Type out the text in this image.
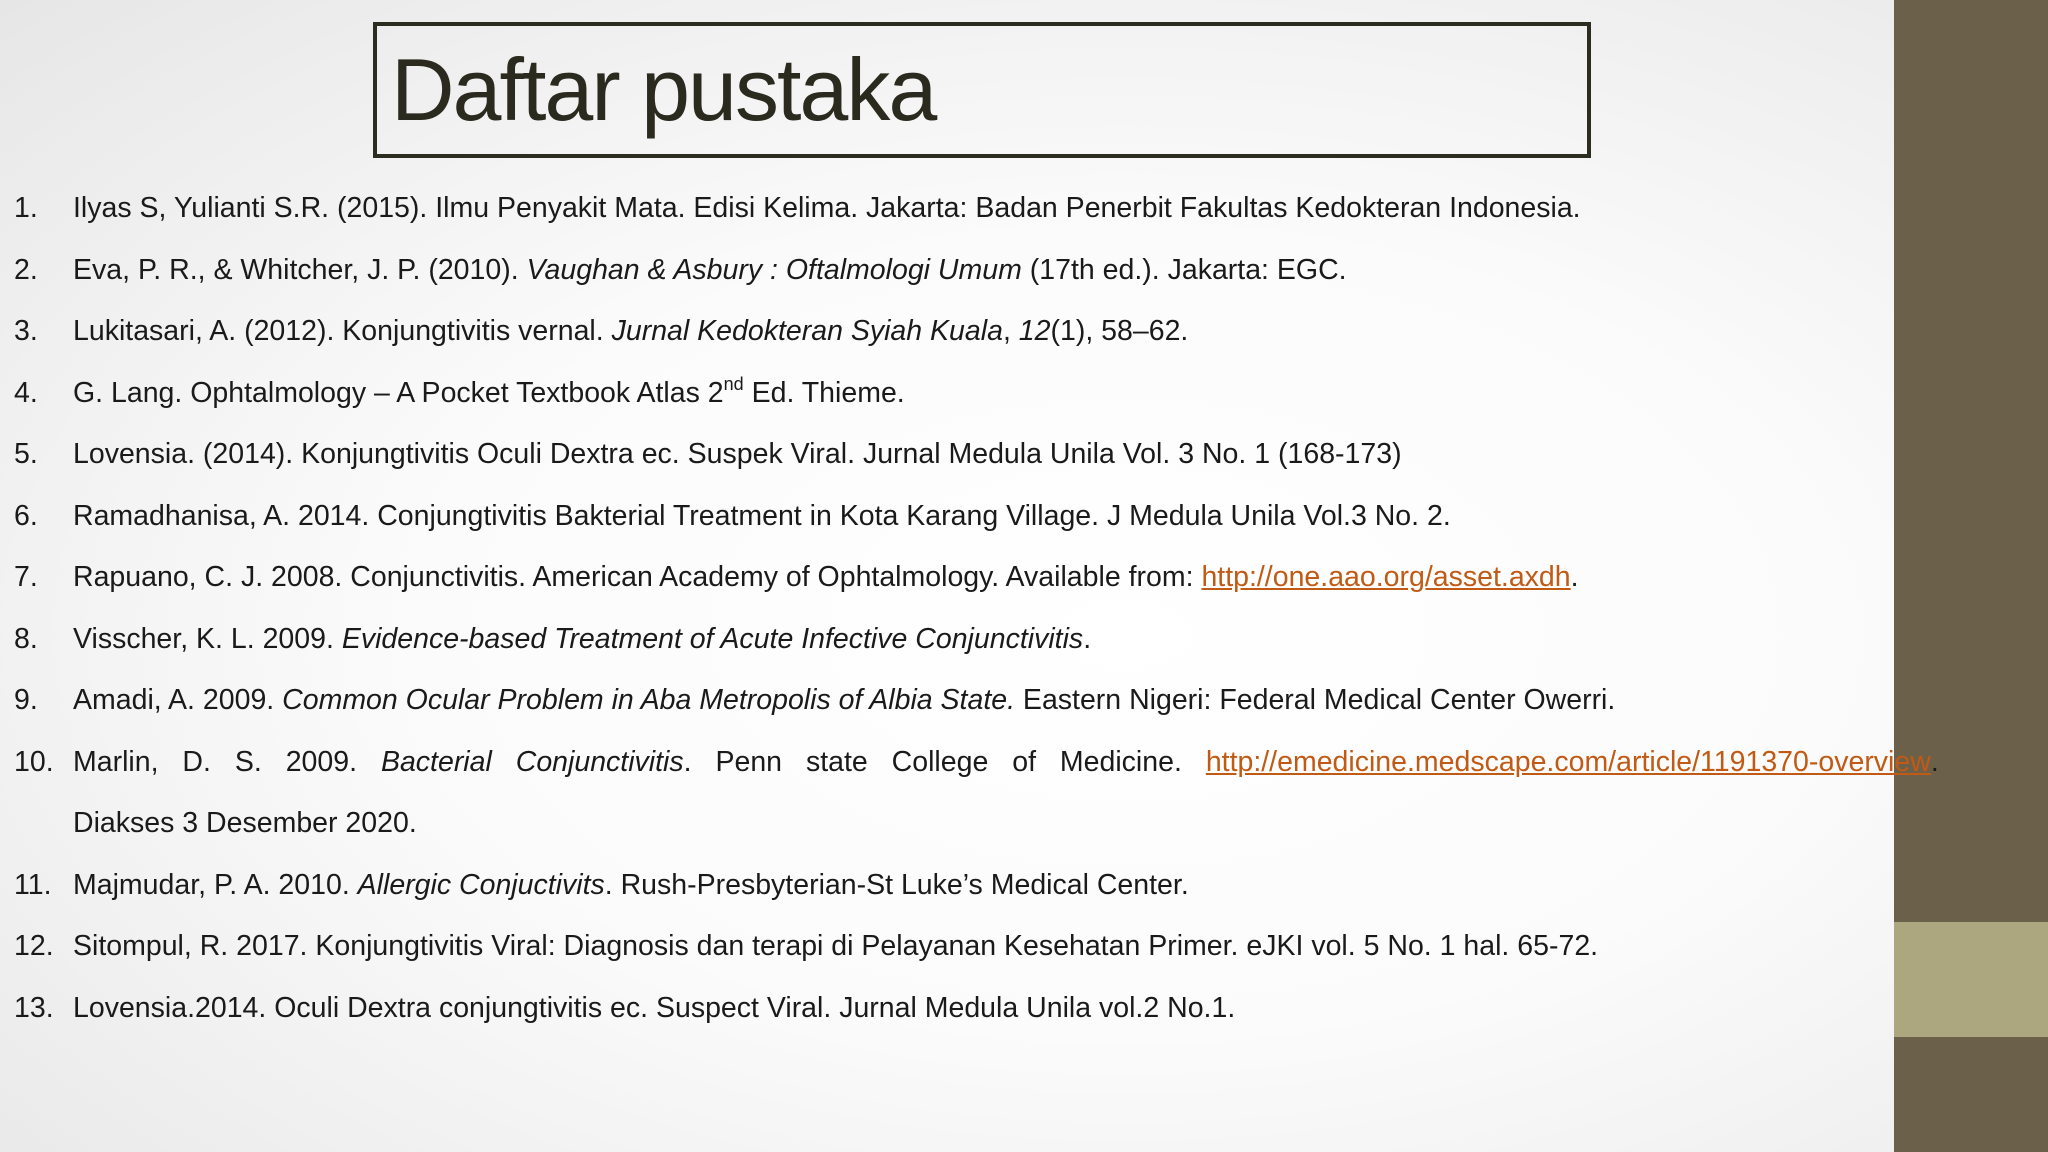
Daftar pustaka
1. Ilyas S, Yulianti S.R. (2015). Ilmu Penyakit Mata. Edisi Kelima. Jakarta: Badan Penerbit Fakultas Kedokteran Indonesia.
2. Eva, P. R., & Whitcher, J. P. (2010). Vaughan & Asbury : Oftalmologi Umum (17th ed.). Jakarta: EGC.
3. Lukitasari, A. (2012). Konjungtivitis vernal. Jurnal Kedokteran Syiah Kuala, 12(1), 58–62.
4. G. Lang. Ophtalmology – A Pocket Textbook Atlas 2nd Ed. Thieme.
5. Lovensia. (2014). Konjungtivitis Oculi Dextra ec. Suspek Viral. Jurnal Medula Unila Vol. 3 No. 1 (168-173)
6. Ramadhanisa, A. 2014. Conjungtivitis Bakterial Treatment in Kota Karang Village. J Medula Unila Vol.3 No. 2.
7. Rapuano, C. J. 2008. Conjunctivitis. American Academy of Ophtalmology. Available from: http://one.aao.org/asset.axdh.
8. Visscher, K. L. 2009. Evidence-based Treatment of Acute Infective Conjunctivitis.
9. Amadi, A. 2009. Common Ocular Problem in Aba Metropolis of Albia State. Eastern Nigeri: Federal Medical Center Owerri.
10. Marlin, D. S. 2009. Bacterial Conjunctivitis. Penn state College of Medicine. http://emedicine.medscape.com/article/1191370-overview.
Diakses 3 Desember 2020.
11. Majmudar, P. A. 2010. Allergic Conjuctivits. Rush-Presbyterian-St Luke’s Medical Center.
12. Sitompul, R. 2017. Konjungtivitis Viral: Diagnosis dan terapi di Pelayanan Kesehatan Primer. eJKI vol. 5 No. 1 hal. 65-72.
13. Lovensia.2014. Oculi Dextra conjungtivitis ec. Suspect Viral. Jurnal Medula Unila vol.2 No.1.
